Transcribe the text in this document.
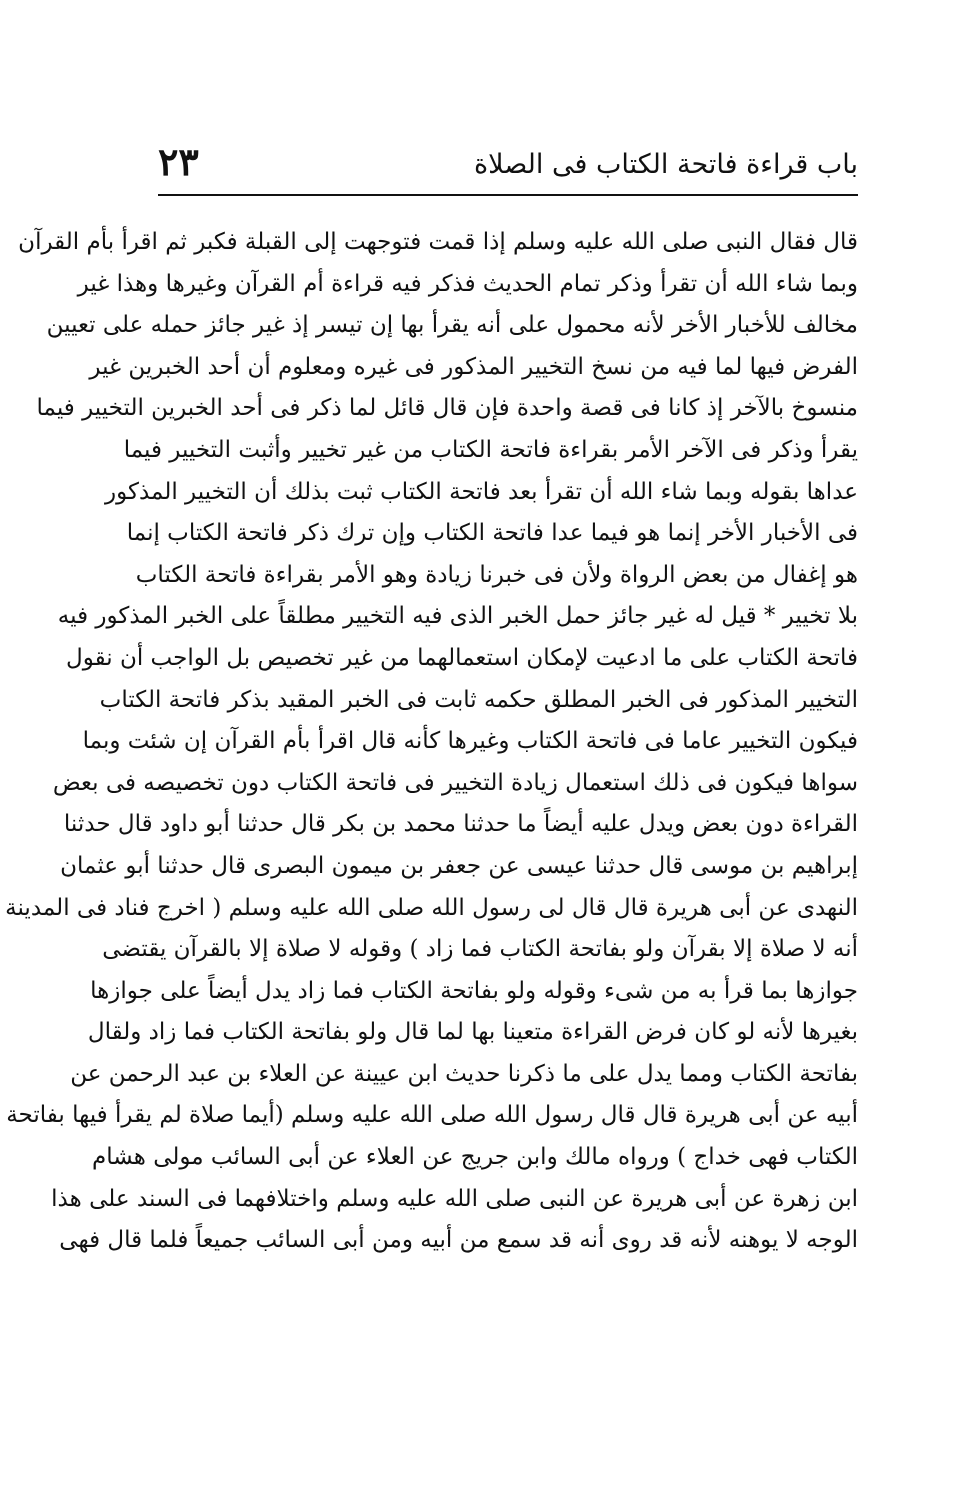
باب قراءة فاتحة الكتاب فى الصلاة
٢٣
قال فقال النبى صلى الله عليه وسلم إذا قمت فتوجهت إلى القبلة فكبر ثم اقرأ بأم القرآن
وبما شاء الله أن تقرأ وذكر تمام الحديث فذكر فيه قراءة أم القرآن وغيرها وهذا غير
مخالف للأخبار الأخر لأنه محمول على أنه يقرأ بها إن تيسر إذ غير جائز حمله على تعيين
الفرض فيها لما فيه من نسخ التخيير المذكور فى غيره ومعلوم أن أحد الخبرين غير
منسوخ بالآخر إذ كانا فى قصة واحدة فإن قال قائل لما ذكر فى أحد الخبرين التخيير فيما
يقرأ وذكر فى الآخر الأمر بقراءة فاتحة الكتاب من غير تخيير وأثبت التخيير فيما
عداها بقوله وبما شاء الله أن تقرأ بعد فاتحة الكتاب ثبت بذلك أن التخيير المذكور
فى الأخبار الأخر إنما هو فيما عدا فاتحة الكتاب وإن ترك ذكر فاتحة الكتاب إنما
هو إغفال من بعض الرواة ولأن فى خبرنا زيادة وهو الأمر بقراءة فاتحة الكتاب
بلا تخيير * قيل له غير جائز حمل الخبر الذى فيه التخيير مطلقاً على الخبر المذكور فيه
فاتحة الكتاب على ما ادعيت لإمكان استعمالهما من غير تخصيص بل الواجب أن نقول
التخيير المذكور فى الخبر المطلق حكمه ثابت فى الخبر المقيد بذكر فاتحة الكتاب
فيكون التخيير عاما فى فاتحة الكتاب وغيرها كأنه قال اقرأ بأم القرآن إن شئت وبما
سواها فيكون فى ذلك استعمال زيادة التخيير فى فاتحة الكتاب دون تخصيصه فى بعض
القراءة دون بعض ويدل عليه أيضاً ما حدثنا محمد بن بكر قال حدثنا أبو داود قال حدثنا
إبراهيم بن موسى قال حدثنا عيسى عن جعفر بن ميمون البصرى قال حدثنا أبو عثمان
النهدى عن أبى هريرة قال قال لى رسول الله صلى الله عليه وسلم ( اخرج فناد فى المدينة
أنه لا صلاة إلا بقرآن ولو بفاتحة الكتاب فما زاد ) وقوله لا صلاة إلا بالقرآن يقتضى
جوازها بما قرأ به من شىء وقوله ولو بفاتحة الكتاب فما زاد يدل أيضاً على جوازها
بغيرها لأنه لو كان فرض القراءة متعينا بها لما قال ولو بفاتحة الكتاب فما زاد ولقال
بفاتحة الكتاب ومما يدل على ما ذكرنا حديث ابن عيينة عن العلاء بن عبد الرحمن عن
أبيه عن أبى هريرة قال قال رسول الله صلى الله عليه وسلم (أيما صلاة لم يقرأ فيها بفاتحة
الكتاب فهى خداج ) ورواه مالك وابن جريج عن العلاء عن أبى السائب مولى هشام
ابن زهرة عن أبى هريرة عن النبى صلى الله عليه وسلم واختلافهما فى السند على هذا
الوجه لا يوهنه لأنه قد روى أنه قد سمع من أبيه ومن أبى السائب جميعاً فلما قال فهى
